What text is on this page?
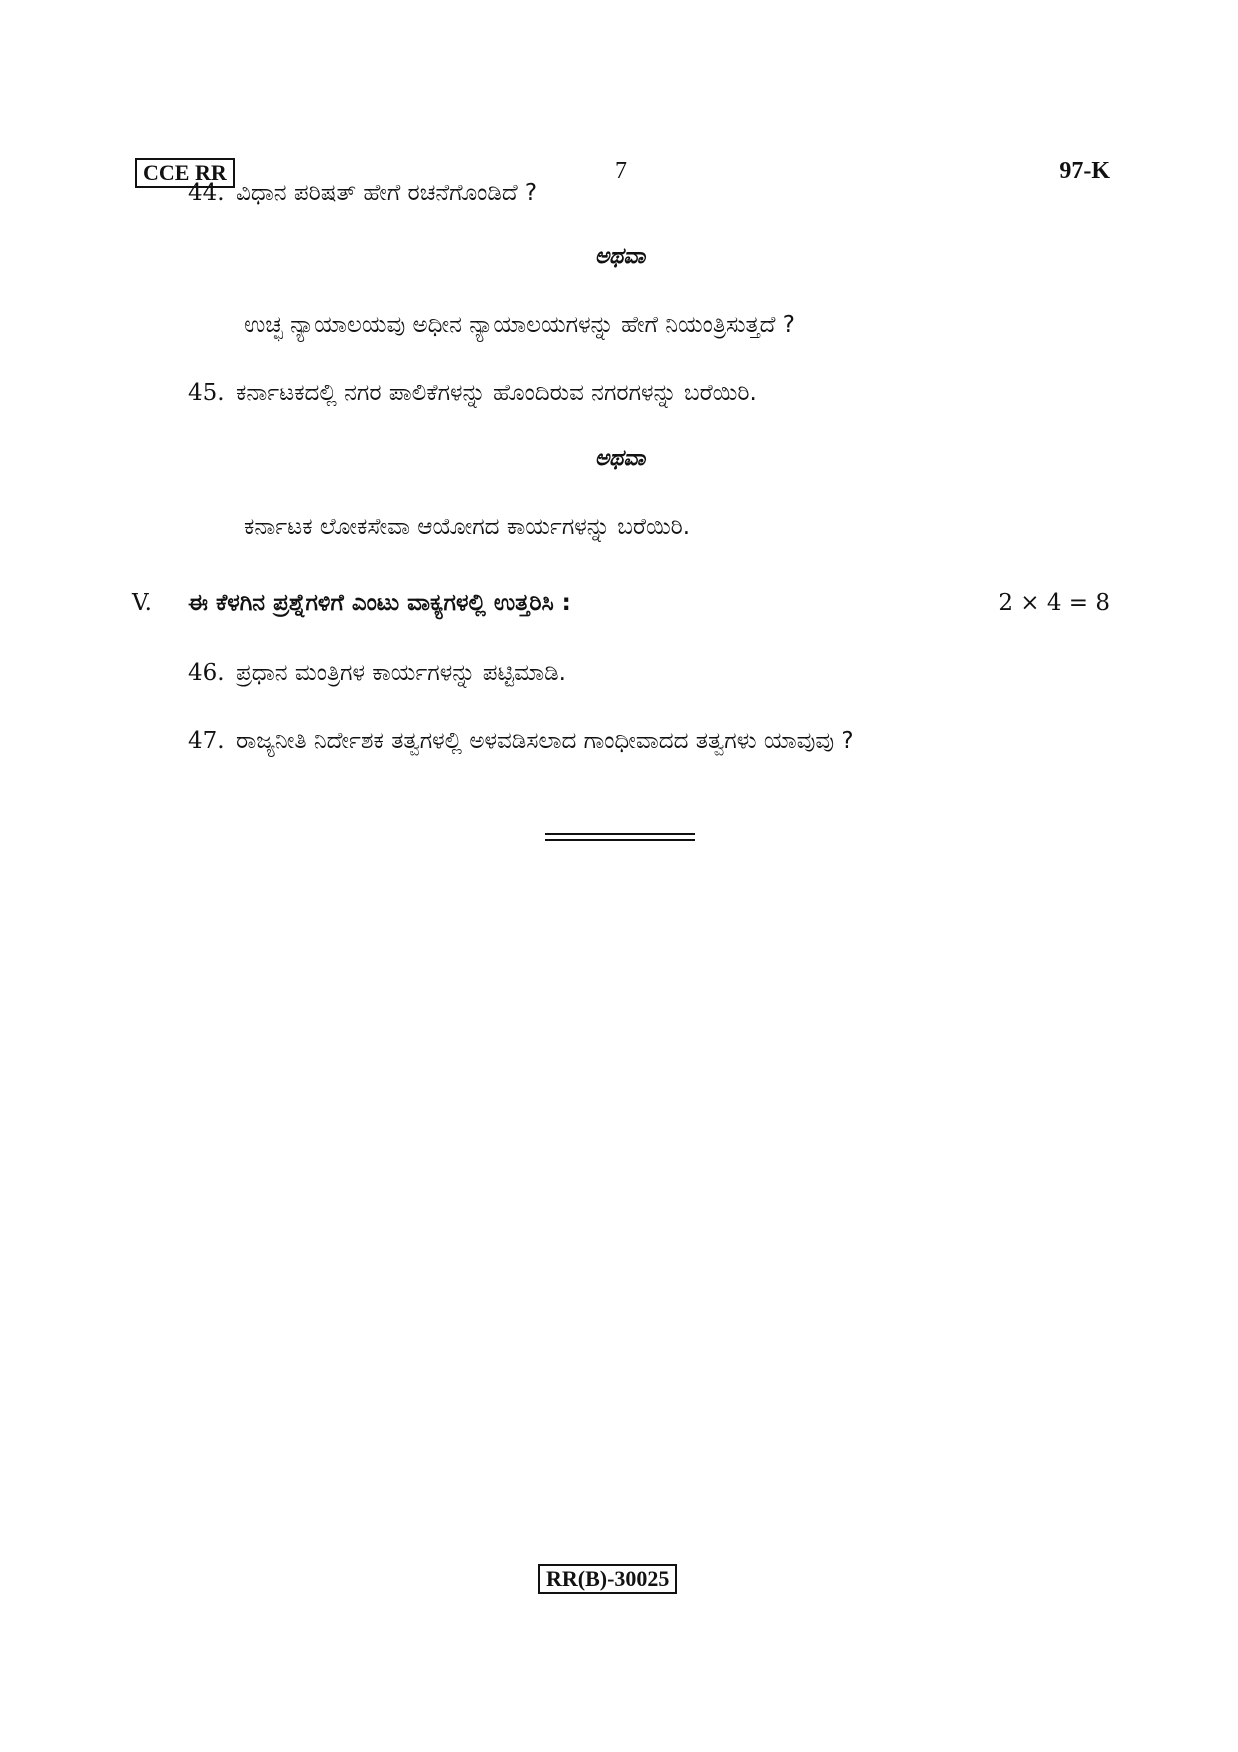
CCE RR	7	97-K
44. ವಿಧಾನ ಪರಿಷತ್ ಹೇಗೆ ರಚನೆಗೊಂಡಿದೆ ?
ಅಥವಾ
ಉಚ್ಛ ನ್ಯಾಯಾಲಯವು ಅಧೀನ ನ್ಯಾಯಾಲಯಗಳನ್ನು ಹೇಗೆ ನಿಯಂತ್ರಿಸುತ್ತದೆ ?
45. ಕರ್ನಾಟಕದಲ್ಲಿ ನಗರ ಪಾಲಿಕೆಗಳನ್ನು ಹೊಂದಿರುವ ನಗರಗಳನ್ನು ಬರೆಯಿರಿ.
ಅಥವಾ
ಕರ್ನಾಟಕ ಲೋಕಸೇವಾ ಆಯೋಗದ ಕಾರ್ಯಗಳನ್ನು ಬರೆಯಿರಿ.
V. ಈ ಕೆಳಗಿನ ಪ್ರಶ್ನೆಗಳಿಗೆ ಎಂಟು ವಾಕ್ಯಗಳಲ್ಲಿ ಉತ್ತರಿಸಿ :	2 × 4 = 8
46. ಪ್ರಧಾನ ಮಂತ್ರಿಗಳ ಕಾರ್ಯಗಳನ್ನು ಪಟ್ಟಿಮಾಡಿ.
47. ರಾಜ್ಯನೀತಿ ನಿರ್ದೇಶಕ ತತ್ವಗಳಲ್ಲಿ ಅಳವಡಿಸಲಾದ ಗಾಂಧೀವಾದದ ತತ್ವಗಳು ಯಾವುವು ?
RR(B)-30025
